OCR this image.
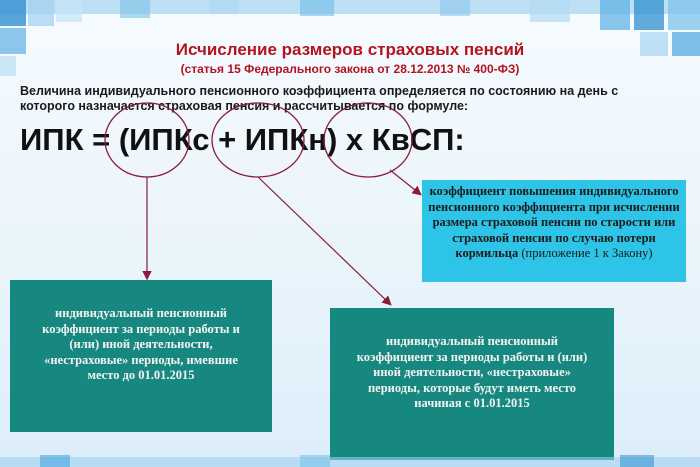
Исчисление размеров страховых пенсий
(статья 15 Федерального закона от 28.12.2013 № 400-ФЗ)
Величина индивидуального пенсионного коэффициента определяется по состоянию на день с которого назначается страховая пенсия и рассчитывается по формуле:
ИПК = (ИПКс + ИПКн) х КвСП:
коэффициент повышения индивидуального пенсионного коэффициента при исчислении размера страховой пенсии по старости или страховой пенсии по случаю потери кормильца (приложение 1 к Закону)
индивидуальный пенсионный коэффициент за периоды работы и (или) иной деятельности, «нестраховые» периоды, имевшие место до 01.01.2015
индивидуальный пенсионный коэффициент за периоды работы и (или) иной деятельности, «нестраховые» периоды, которые будут иметь место начиная с 01.01.2015
